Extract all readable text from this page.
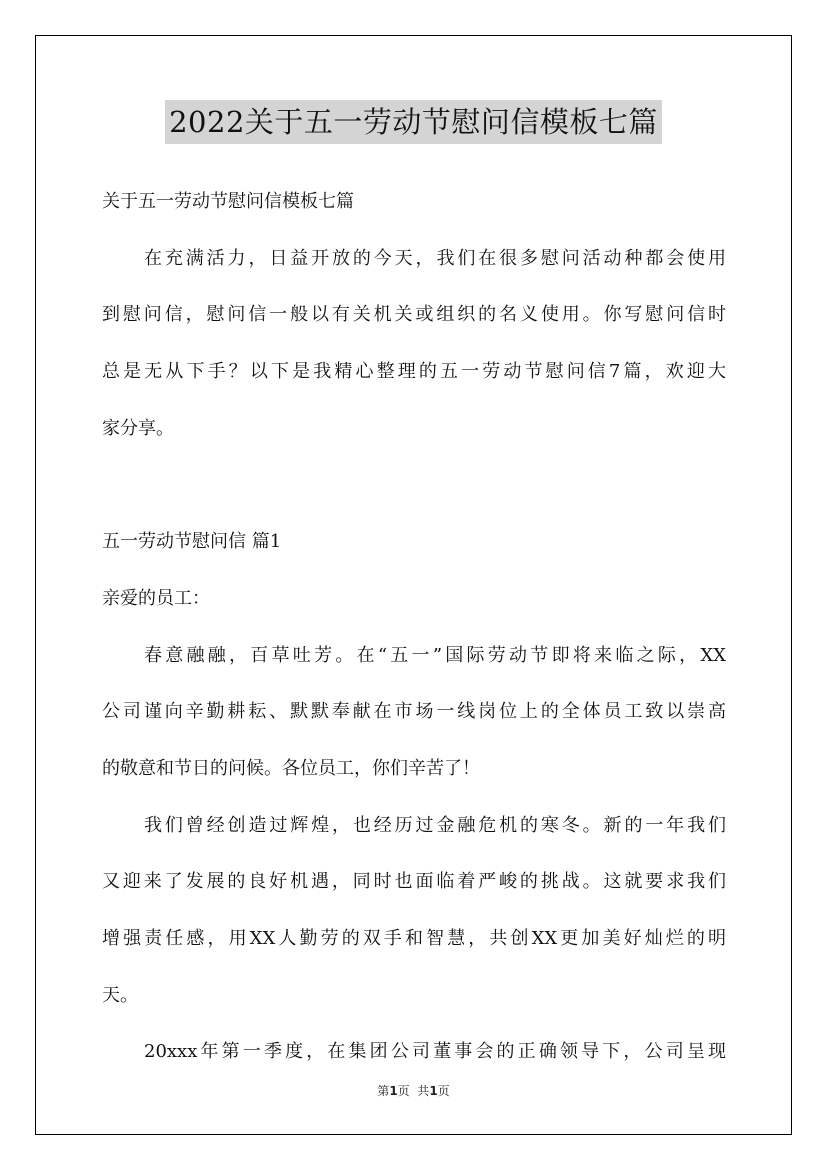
2022关于五一劳动节慰问信模板七篇
关于五一劳动节慰问信模板七篇
在充满活力，日益开放的今天，我们在很多慰问活动种都会使用
到慰问信，慰问信一般以有关机关或组织的名义使用。你写慰问信时
总是无从下手？以下是我精心整理的五一劳动节慰问信7篇，欢迎大
家分享。
五一劳动节慰问信 篇1
亲爱的员工：
春意融融，百草吐芳。在“五一”国际劳动节即将来临之际，XX
公司谨向辛勤耕耘、默默奉献在市场一线岗位上的全体员工致以崇高
的敬意和节日的问候。各位员工，你们辛苦了！
我们曾经创造过辉煌，也经历过金融危机的寒冬。新的一年我们
又迎来了发展的良好机遇，同时也面临着严峻的挑战。这就要求我们
增强责任感，用XX人勤劳的双手和智慧，共创XX更加美好灿烂的明
天。
20xxx年第一季度，在集团公司董事会的正确领导下，公司呈现
第1页  共1页
